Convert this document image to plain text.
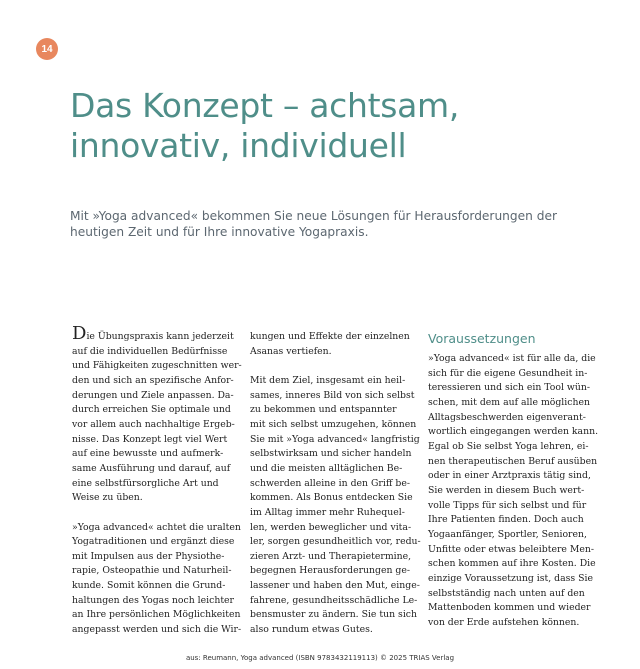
14
Das Konzept – achtsam,
innovativ, individuell
Mit »Yoga advanced« bekommen Sie neue Lösungen für Herausforderungen der
heutigen Zeit und für Ihre innovative Yogapraxis.
Die Übungspraxis kann jederzeit
auf die individuellen Bedürfnisse
und Fähigkeiten zugeschnitten wer-
den und sich an spezifische Anfor-
derungen und Ziele anpassen. Da-
durch erreichen Sie optimale und
vor allem auch nachhaltige Ergeb-
nisse. Das Konzept legt viel Wert
auf eine bewusste und aufmerk-
same Ausführung und darauf, auf
eine selbstfürsorgliche Art und
Weise zu üben.
»Yoga advanced« achtet die uralten
Yogatraditionen und ergänzt diese
mit Impulsen aus der Physiothe-
rapie, Osteopathie und Naturheil-
kunde. Somit können die Grund-
haltungen des Yogas noch leichter
an Ihre persönlichen Möglichkeiten
angepasst werden und sich die Wir-
kungen und Effekte der einzelnen
Asanas vertiefen.
Mit dem Ziel, insgesamt ein heil-
sames, inneres Bild von sich selbst
zu bekommen und entspannter
mit sich selbst umzugehen, können
Sie mit »Yoga advanced« langfristig
selbstwirksam und sicher handeln
und die meisten alltäglichen Be-
schwerden alleine in den Griff be-
kommen. Als Bonus entdecken Sie
im Alltag immer mehr Ruhequel-
len, werden beweglicher und vita-
ler, sorgen gesundheitlich vor, redu-
zieren Arzt- und Therapietermine,
begegnen Herausforderungen ge-
lassener und haben den Mut, einge-
fahrene, gesundheitsschädliche Le-
bensmuster zu ändern. Sie tun sich
also rundum etwas Gutes.
Voraussetzungen
»Yoga advanced« ist für alle da, die
sich für die eigene Gesundheit in-
teressieren und sich ein Tool wün-
schen, mit dem auf alle möglichen
Alltagsbeschwerden eigenverant-
wortlich eingegangen werden kann.
Egal ob Sie selbst Yoga lehren, ei-
nen therapeutischen Beruf ausüben
oder in einer Arztpraxis tätig sind,
Sie werden in diesem Buch wert-
volle Tipps für sich selbst und für
Ihre Patienten finden. Doch auch
Yogaanfänger, Sportler, Senioren,
Unfitte oder etwas beleibtere Men-
schen kommen auf ihre Kosten. Die
einzige Voraussetzung ist, dass Sie
selbstständig nach unten auf den
Mattenboden kommen und wieder
von der Erde aufstehen können.
aus: Reumann, Yoga advanced (ISBN 9783432119113) © 2025 TRIAS Verlag
